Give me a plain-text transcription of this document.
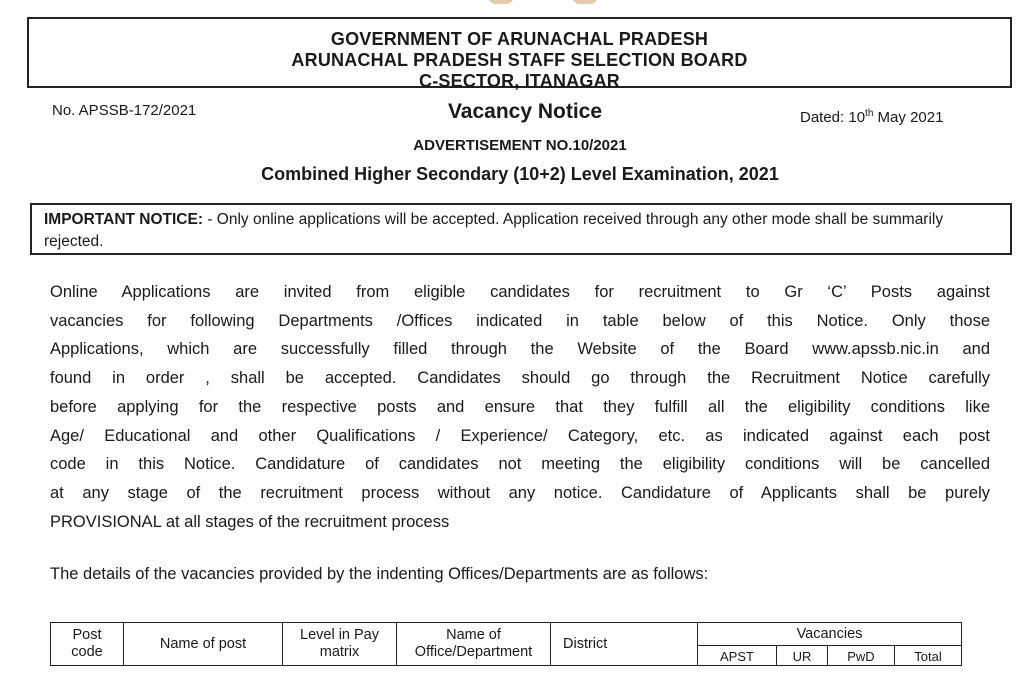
GOVERNMENT OF ARUNACHAL PRADESH
ARUNACHAL PRADESH STAFF SELECTION BOARD
C-SECTOR, ITANAGAR
Vacancy Notice
No. APSSB-172/2021	Dated: 10th May 2021
ADVERTISEMENT NO.10/2021
Combined Higher Secondary (10+2) Level Examination, 2021
IMPORTANT NOTICE: - Only online applications will be accepted. Application received through any other mode shall be summarily rejected.
Online Applications are invited from eligible candidates for recruitment to Gr ‘C’ Posts against
vacancies for following Departments /Offices indicated in table below of this Notice. Only those
Applications, which are successfully filled through the Website of the Board www.apssb.nic.in and
found in order , shall be accepted. Candidates should go through the Recruitment Notice carefully
before applying for the respective posts and ensure that they fulfill all the eligibility conditions like
Age/ Educational and other Qualifications / Experience/ Category, etc. as indicated against each post
code in this Notice. Candidature of candidates not meeting the eligibility conditions will be cancelled
at any stage of the recruitment process without any notice. Candidature of Applicants shall be purely
PROVISIONAL at all stages of the recruitment process
The details of the vacancies provided by the indenting Offices/Departments are as follows:
Post code	Name of post	Level in Pay matrix	Name of Office/Department	District	Vacancies			
					APST	UR	PwD	Total
